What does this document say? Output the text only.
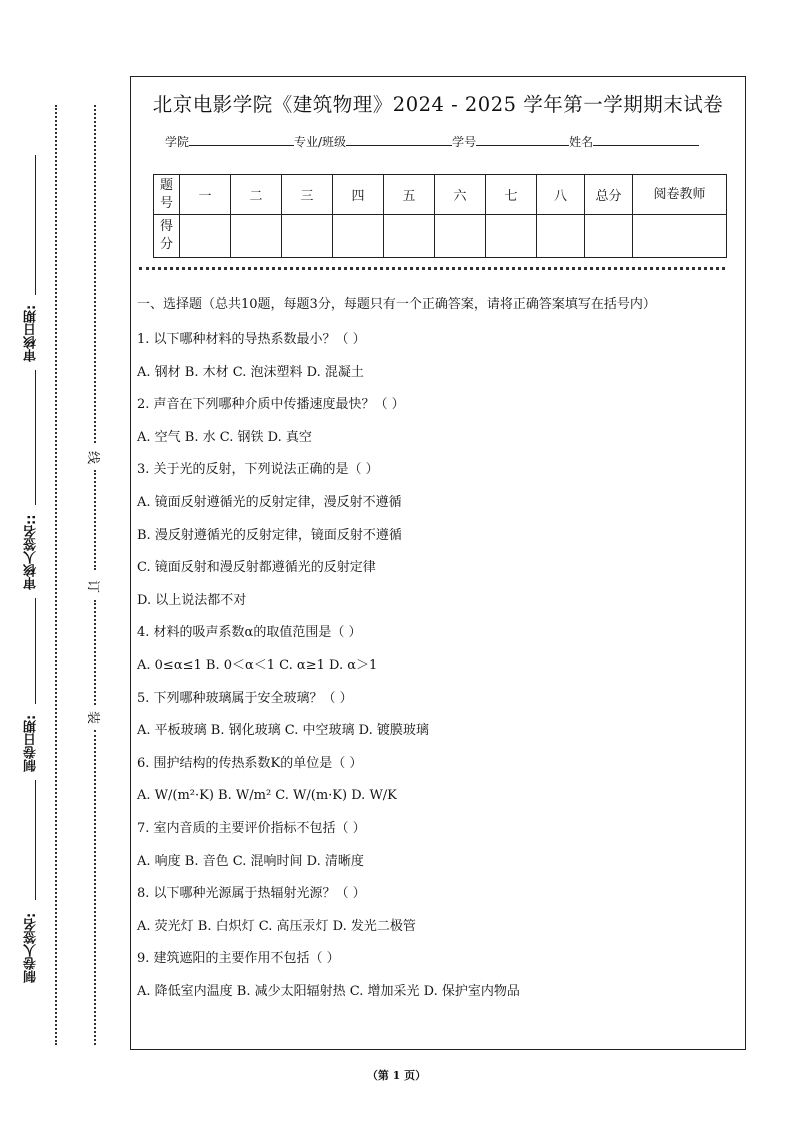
审核日期:
审核人签名::
制卷日期:
制卷人签名:
线
订
装
北京电影学院《建筑物理》2024 - 2025 学年第一学期期末试卷
学院	专业/班级	学号	姓名
题号	一	二	三	四	五	六	七	八	总分	阅卷教师
得分										
一、选择题（总共10题，每题3分，每题只有一个正确答案，请将正确答案填写在括号内）
1. 以下哪种材料的导热系数最小？（ ）
A. 钢材 B. 木材 C. 泡沫塑料 D. 混凝土
2. 声音在下列哪种介质中传播速度最快？（ ）
A. 空气 B. 水 C. 钢铁 D. 真空
3. 关于光的反射，下列说法正确的是（ ）
A. 镜面反射遵循光的反射定律，漫反射不遵循
B. 漫反射遵循光的反射定律，镜面反射不遵循
C. 镜面反射和漫反射都遵循光的反射定律
D. 以上说法都不对
4. 材料的吸声系数α的取值范围是（ ）
A. 0≤α≤1 B. 0＜α＜1 C. α≥1 D. α＞1
5. 下列哪种玻璃属于安全玻璃？（ ）
A. 平板玻璃 B. 钢化玻璃 C. 中空玻璃 D. 镀膜玻璃
6. 围护结构的传热系数K的单位是（ ）
A. W/(m²·K) B. W/m² C. W/(m·K) D. W/K
7. 室内音质的主要评价指标不包括（ ）
A. 响度 B. 音色 C. 混响时间 D. 清晰度
8. 以下哪种光源属于热辐射光源？（ ）
A. 荧光灯 B. 白炽灯 C. 高压汞灯 D. 发光二极管
9. 建筑遮阳的主要作用不包括（ ）
A. 降低室内温度 B. 减少太阳辐射热 C. 增加采光 D. 保护室内物品
（第 1 页）
